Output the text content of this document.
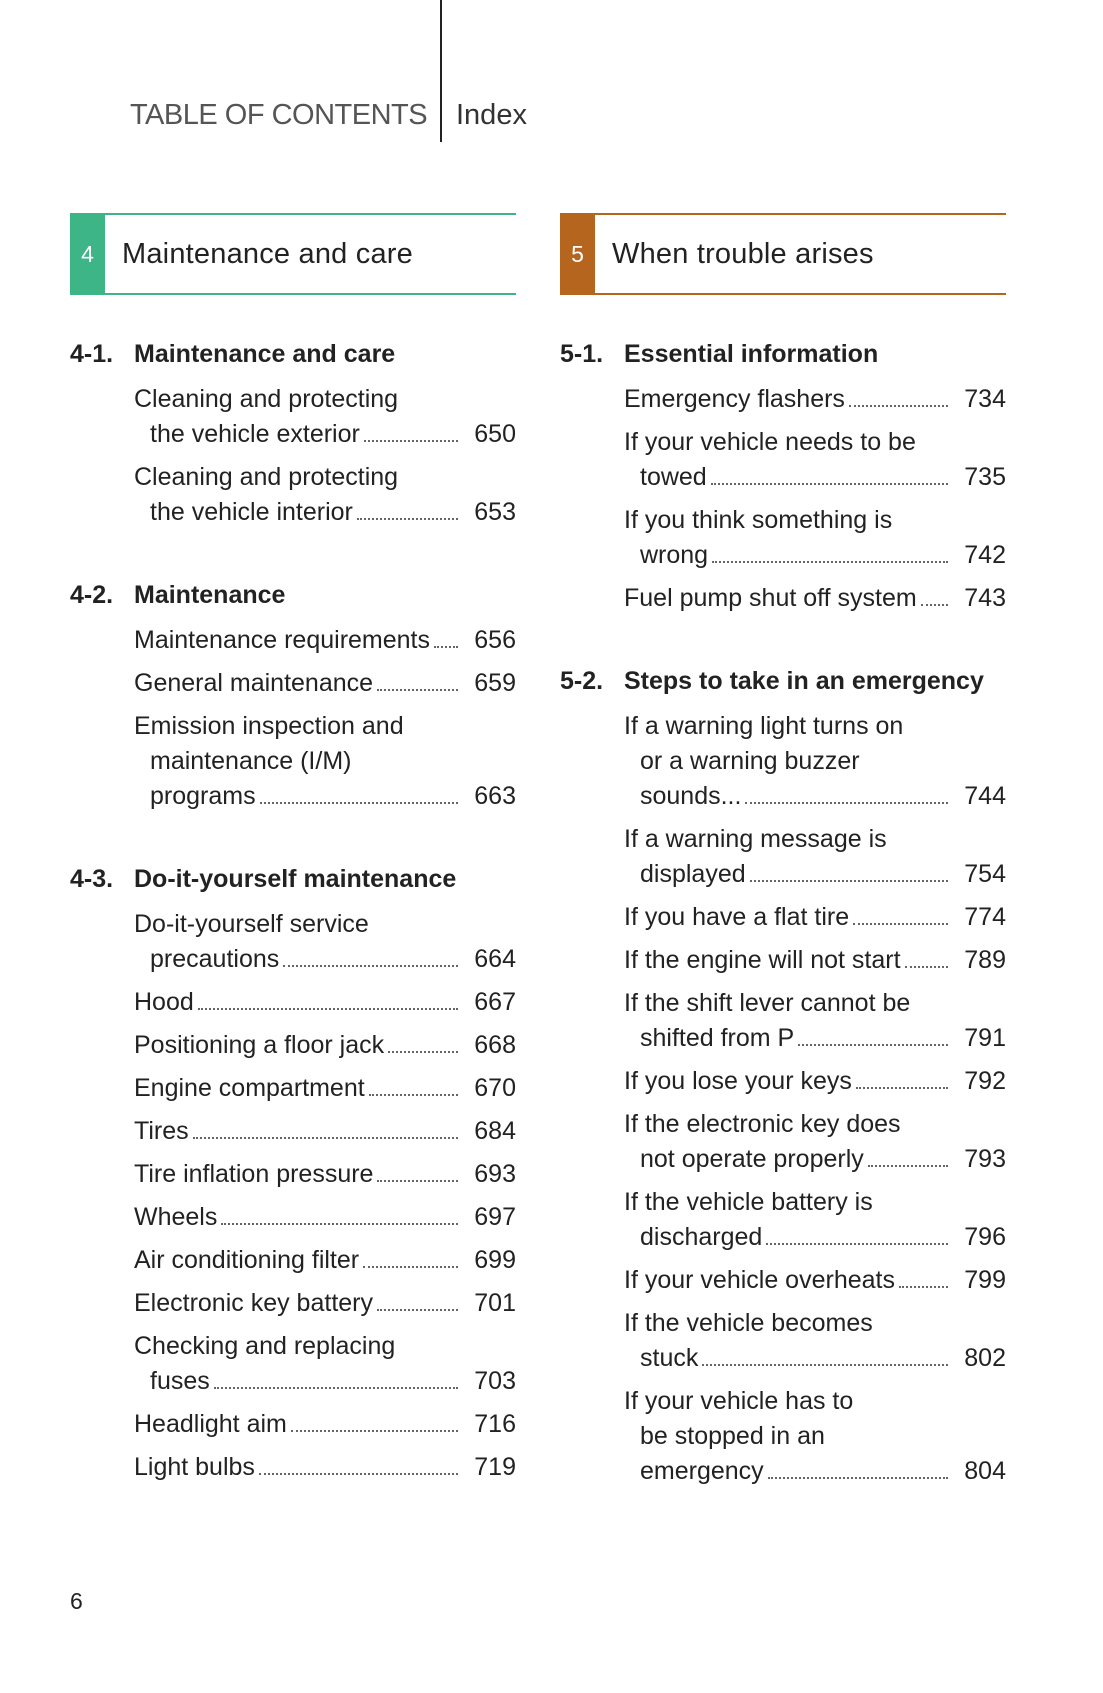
TABLE OF CONTENTS Index
4 Maintenance and care
4-1. Maintenance and care
Cleaning and protecting
the vehicle exterior	650
Cleaning and protecting
the vehicle interior	653
4-2. Maintenance
Maintenance requirements	656
General maintenance	659
Emission inspection and
maintenance (I/M)
programs	663
4-3. Do-it-yourself maintenance
Do-it-yourself service
precautions	664
Hood	667
Positioning a floor jack	668
Engine compartment	670
Tires	684
Tire inflation pressure	693
Wheels	697
Air conditioning filter	699
Electronic key battery	701
Checking and replacing
fuses	703
Headlight aim	716
Light bulbs	719
5 When trouble arises
5-1. Essential information
Emergency flashers	734
If your vehicle needs to be
towed	735
If you think something is
wrong	742
Fuel pump shut off system	743
5-2. Steps to take in an emergency
If a warning light turns on
or a warning buzzer
sounds...	744
If a warning message is
displayed	754
If you have a flat tire	774
If the engine will not start	789
If the shift lever cannot be
shifted from P	791
If you lose your keys	792
If the electronic key does
not operate properly	793
If the vehicle battery is
discharged	796
If your vehicle overheats	799
If the vehicle becomes
stuck	802
If your vehicle has to
be stopped in an
emergency	804
6
